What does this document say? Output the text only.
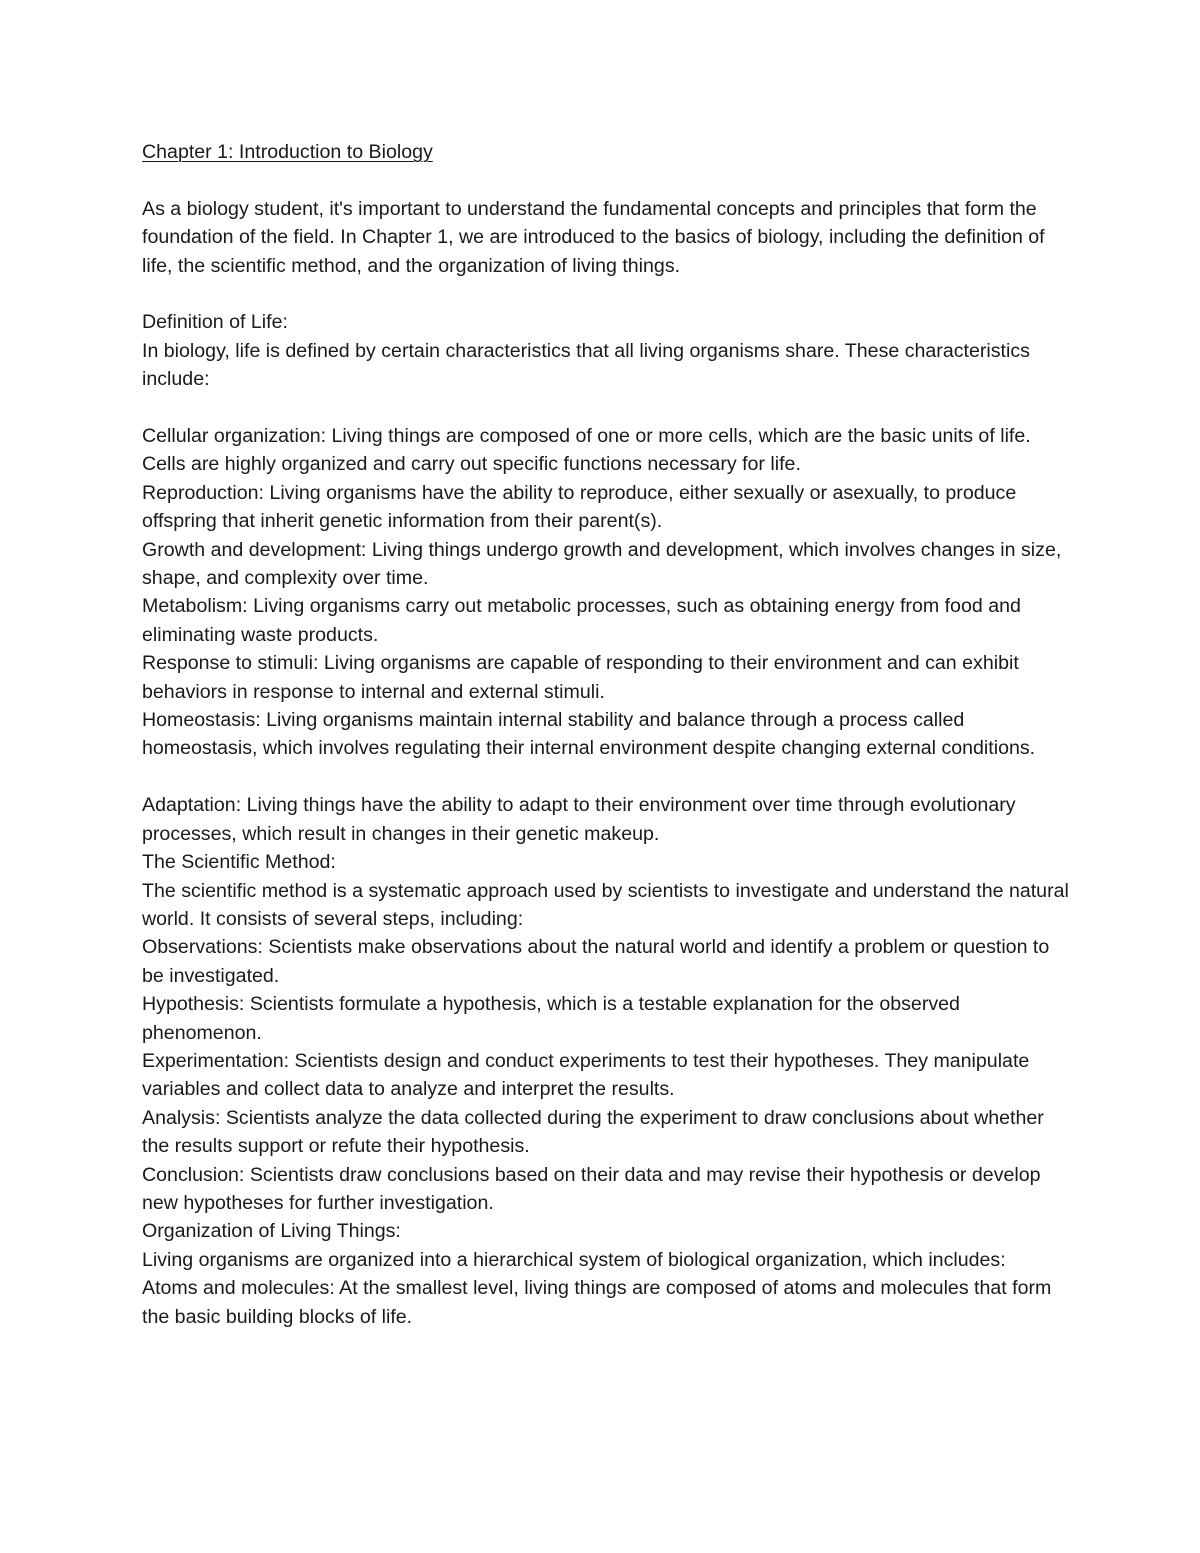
Chapter 1: Introduction to Biology

As a biology student, it's important to understand the fundamental concepts and principles that form the foundation of the field. In Chapter 1, we are introduced to the basics of biology, including the definition of life, the scientific method, and the organization of living things.

Definition of Life:

In biology, life is defined by certain characteristics that all living organisms share. These characteristics include:

Cellular organization: Living things are composed of one or more cells, which are the basic units of life. Cells are highly organized and carry out specific functions necessary for life.

Reproduction: Living organisms have the ability to reproduce, either sexually or asexually, to produce offspring that inherit genetic information from their parent(s).

Growth and development: Living things undergo growth and development, which involves changes in size, shape, and complexity over time.

Metabolism: Living organisms carry out metabolic processes, such as obtaining energy from food and eliminating waste products.

Response to stimuli: Living organisms are capable of responding to their environment and can exhibit behaviors in response to internal and external stimuli.

Homeostasis: Living organisms maintain internal stability and balance through a process called homeostasis, which involves regulating their internal environment despite changing external conditions.

Adaptation: Living things have the ability to adapt to their environment over time through evolutionary processes, which result in changes in their genetic makeup.

The Scientific Method:

The scientific method is a systematic approach used by scientists to investigate and understand the natural world. It consists of several steps, including:

Observations: Scientists make observations about the natural world and identify a problem or question to be investigated.

Hypothesis: Scientists formulate a hypothesis, which is a testable explanation for the observed phenomenon.

Experimentation: Scientists design and conduct experiments to test their hypotheses. They manipulate variables and collect data to analyze and interpret the results.

Analysis: Scientists analyze the data collected during the experiment to draw conclusions about whether the results support or refute their hypothesis.

Conclusion: Scientists draw conclusions based on their data and may revise their hypothesis or develop new hypotheses for further investigation.

Organization of Living Things:

Living organisms are organized into a hierarchical system of biological organization, which includes:

Atoms and molecules: At the smallest level, living things are composed of atoms and molecules that form the basic building blocks of life.
